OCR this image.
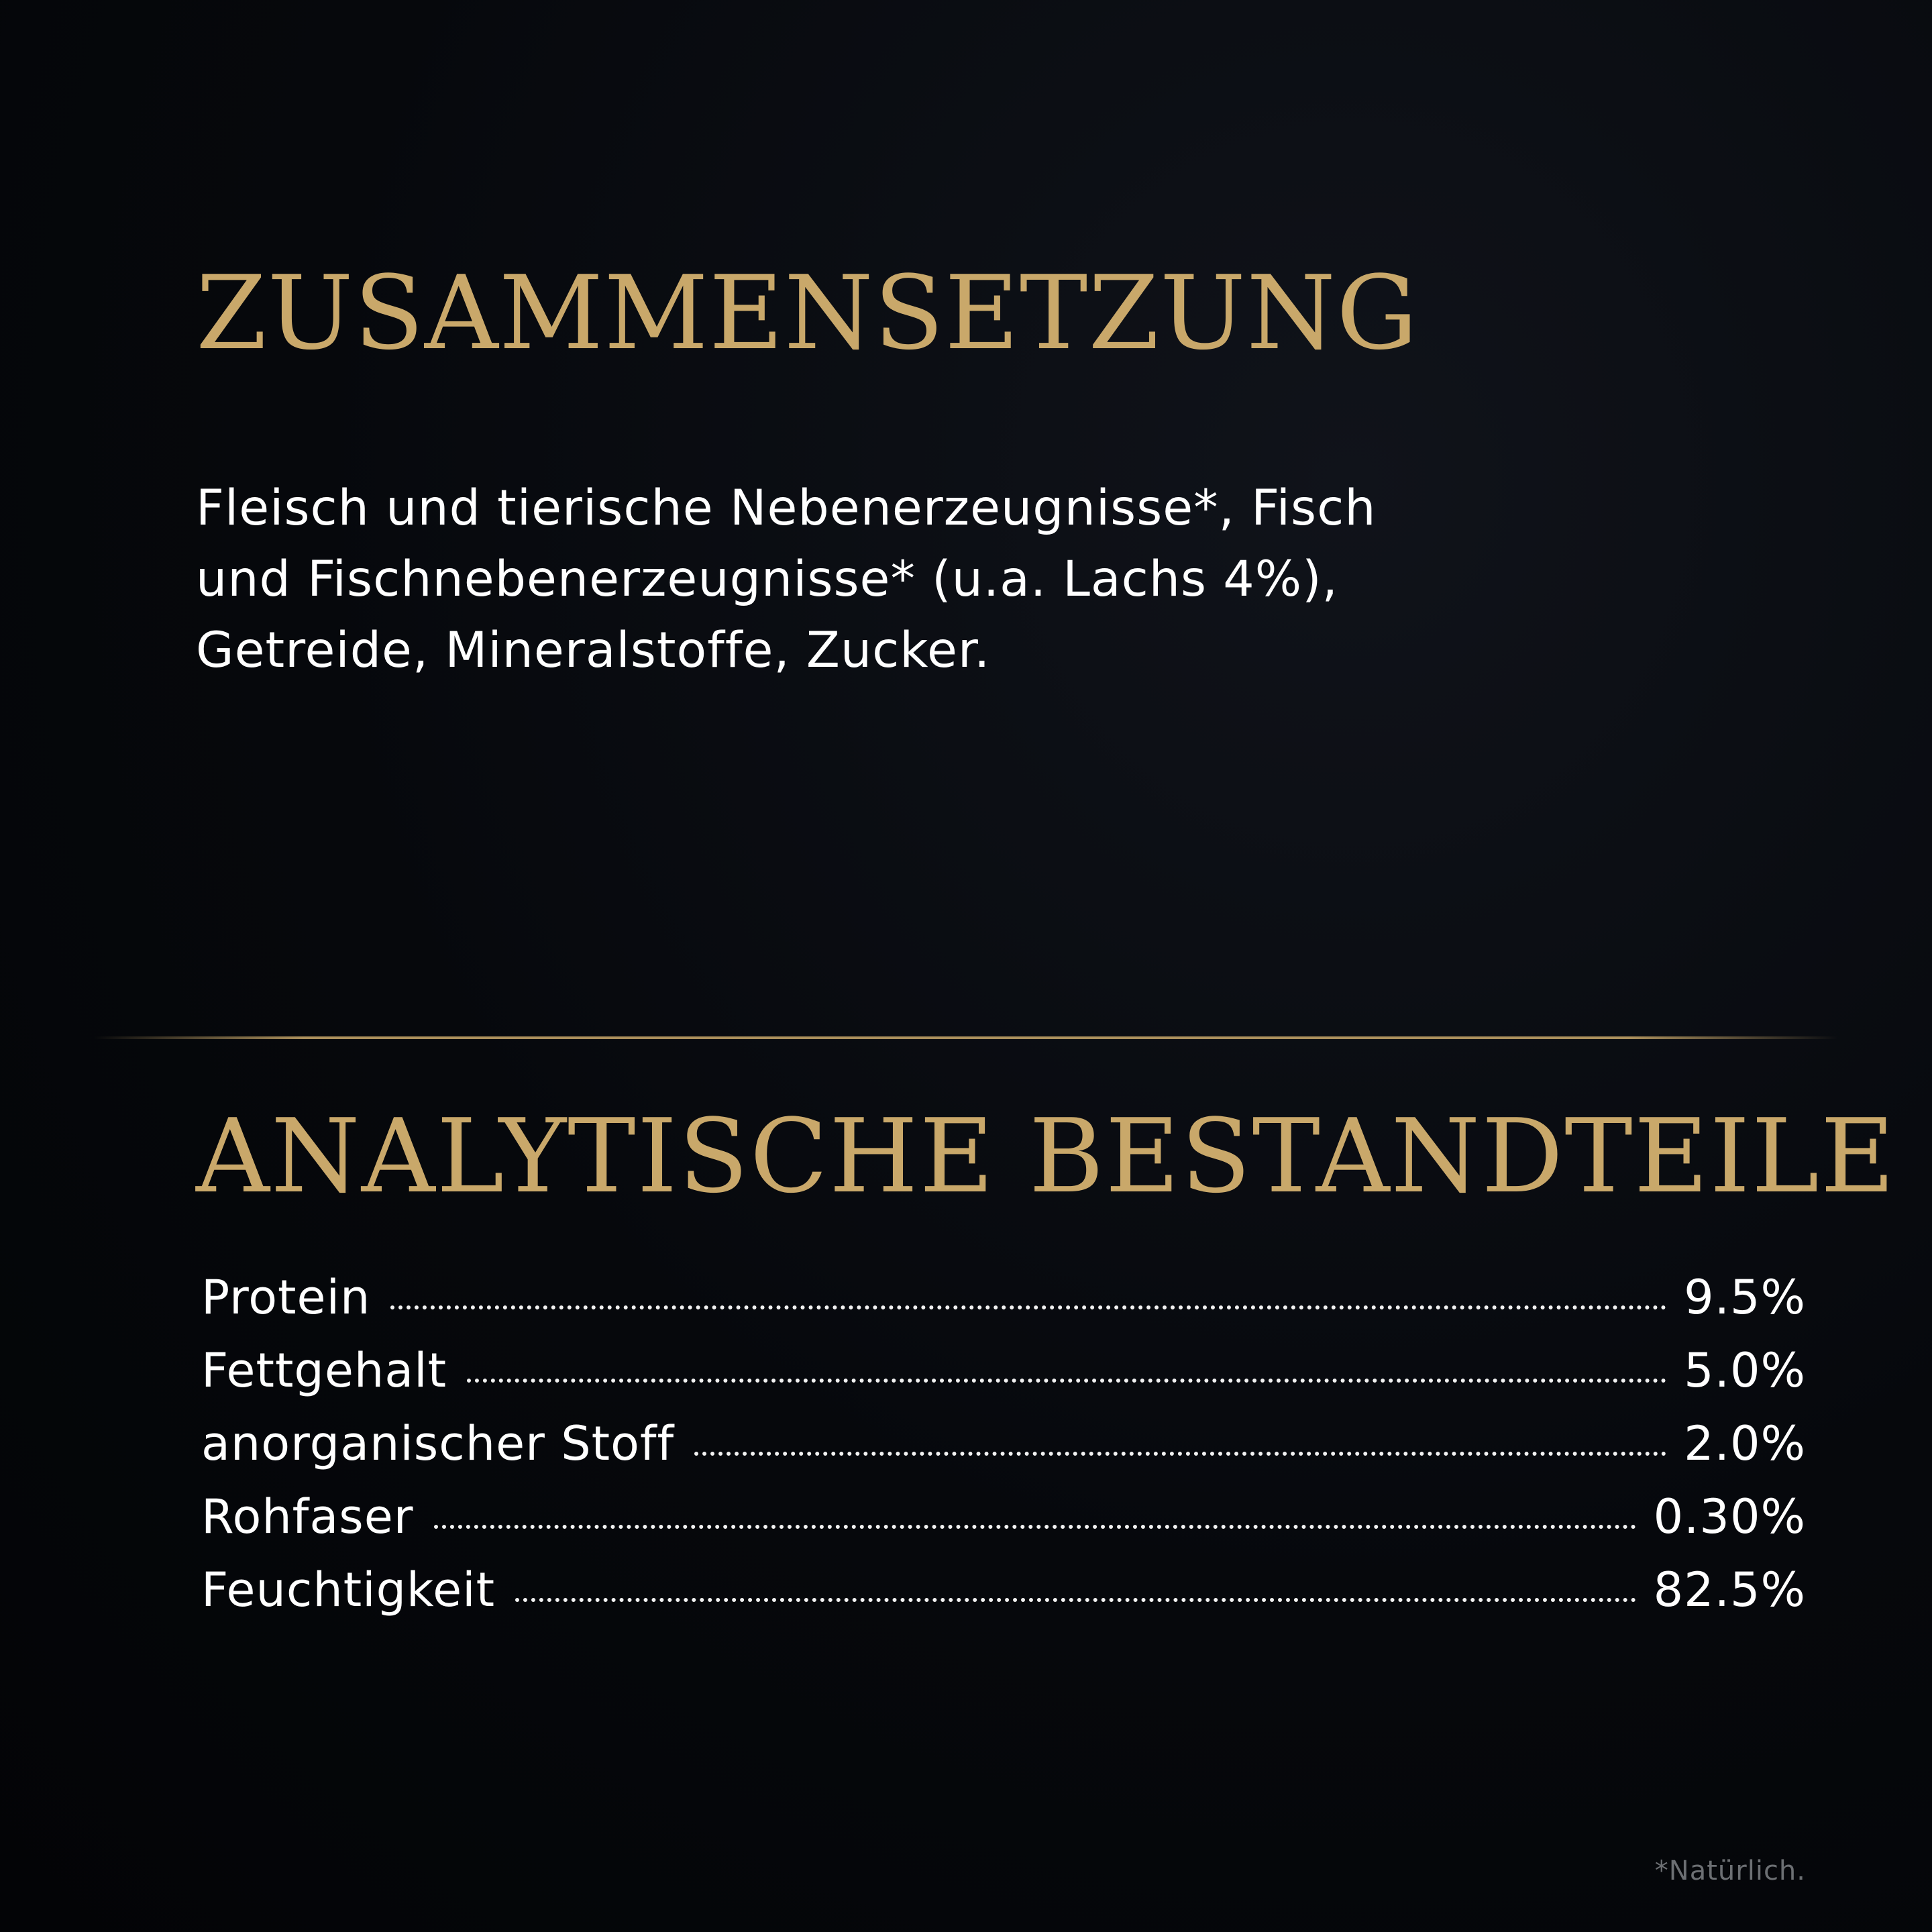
ZUSAMMENSETZUNG

Fleisch und tierische Nebenerzeugnisse*, Fisch
und Fischnebenerzeugnisse* (u.a. Lachs 4%),
Getreide, Mineralstoffe, Zucker.

ANALYTISCHE BESTANDTEILE
Protein	9.5%
Fettgehalt	5.0%
anorganischer Stoff	2.0%
Rohfaser	0.30%
Feuchtigkeit	82.5%

*Natürlich.
